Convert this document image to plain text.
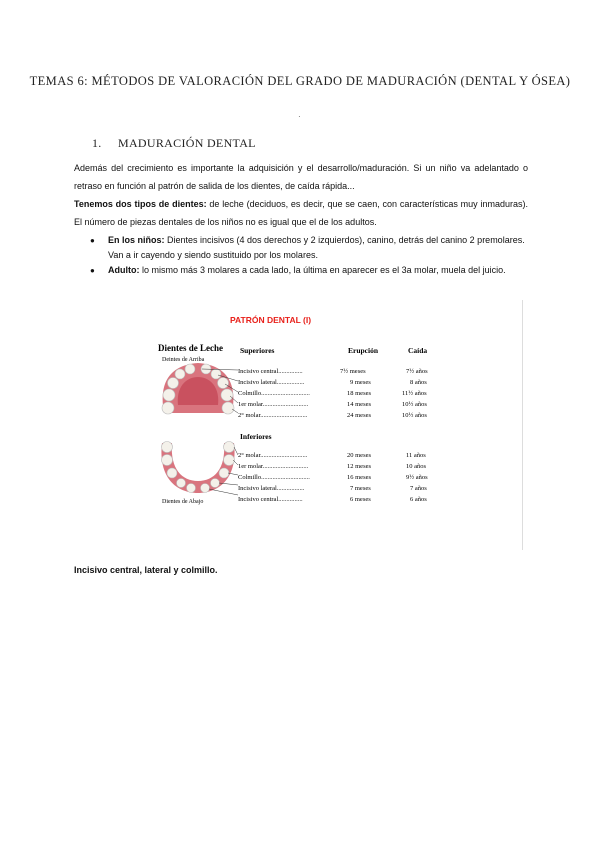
TEMAS 6: MÉTODOS DE VALORACIÓN DEL GRADO DE MADURACIÓN (DENTAL Y ÓSEA)
·
1. MADURACIÓN DENTAL
Además del crecimiento es importante la adquisición y el desarrollo/maduración. Si un niño va adelantado o retraso en función al patrón de salida de los dientes, de caída rápida...
Tenemos dos tipos de dientes: de leche (deciduos, es decir, que se caen, con características muy inmaduras). El número de piezas dentales de los niños no es igual que el de los adultos.
● En los niños: Dientes incisivos (4 dos derechos y 2 izquierdos), canino, detrás del canino 2 premolares. Van a ir cayendo y siendo sustituido por los molares.
● Adulto: lo mismo más 3 molares a cada lado, la última en aparecer es el 3a molar, muela del juicio.
PATRÓN DENTAL (I)
Dientes de Leche
Deintes de Arriba
Dientes de Abajo
Superiores	Erupción	Caída
Incisivo central...............	7½ meses	7½ años
Incisivo lateral.................	9 meses	8 años
Colmillo..............................	18 meses	11½ años
1er molar............................	14 meses	10½ años
2° molar.............................	24 meses	10½ años
Inferiores
2° molar.............................	20 meses	11 años
1er molar............................	12 meses	10 años
Colmillo..............................	16 meses	9½ años
Incisivo lateral.................	7 meses	7 años
Incisivo central...............	6 meses	6 años
Incisivo central, lateral y colmillo.
